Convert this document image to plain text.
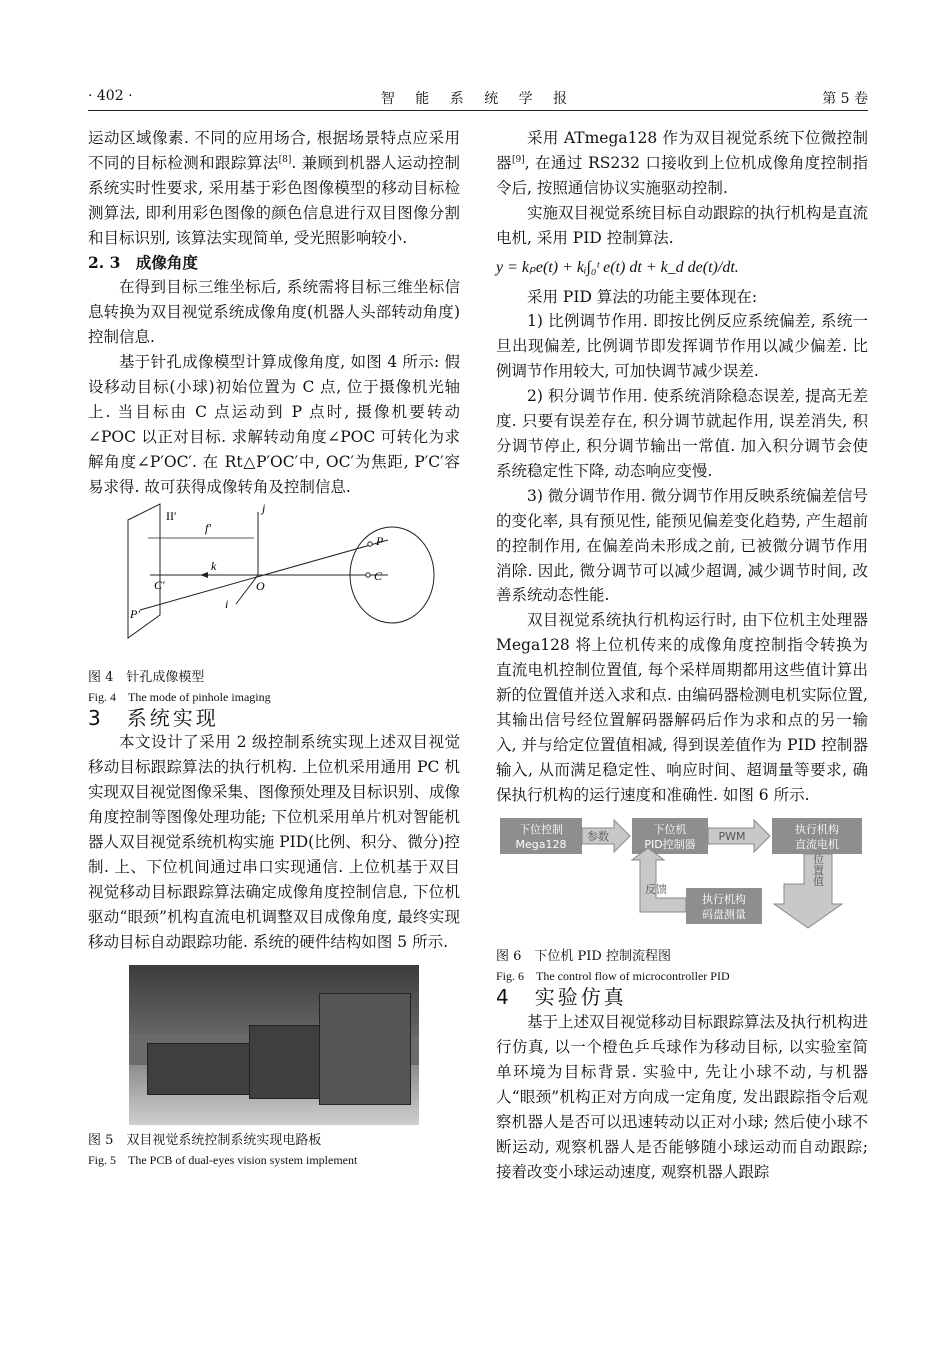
· 402 ·	智 能 系 统 学 报	第 5 卷

运动区域像素. 不同的应用场合, 根据场景特点应采用不同的目标检测和跟踪算法[8]. 兼顾到机器人运动控制系统实时性要求, 采用基于彩色图像模型的移动目标检测算法, 即利用彩色图像的颜色信息进行双目图像分割和目标识别, 该算法实现简单, 受光照影响较小.

2. 3　成像角度

在得到目标三维坐标后, 系统需将目标三维坐标信息转换为双目视觉系统成像角度(机器人头部转动角度)控制信息.

基于针孔成像模型计算成像角度, 如图 4 所示: 假设移动目标(小球)初始位置为 C 点, 位于摄像机光轴上. 当目标由 C 点运动到 P 点时, 摄像机要转动∠POC 以正对目标. 求解转动角度∠POC 可转化为求解角度∠P′OC′. 在 Rt△P′OC′中, OC′为焦距, P′C′容易求得. 故可获得成像转角及控制信息.

II′
f′
j
k
i
O
C′
P′
P
C

图 4　针孔成像模型

Fig. 4　The mode of pinhole imaging

3　系统实现

本文设计了采用 2 级控制系统实现上述双目视觉移动目标跟踪算法的执行机构. 上位机采用通用 PC 机实现双目视觉图像采集、图像预处理及目标识别、成像角度控制等图像处理功能; 下位机采用单片机对智能机器人双目视觉系统机构实施 PID(比例、积分、微分)控制. 上、下位机间通过串口实现通信. 上位机基于双目视觉移动目标跟踪算法确定成像角度控制信息, 下位机驱动“眼颈”机构直流电机调整双目成像角度, 最终实现移动目标自动跟踪功能. 系统的硬件结构如图 5 所示.

图 5　双目视觉系统控制系统实现电路板

Fig. 5　The PCB of dual-eyes vision system implement

采用 ATmega128 作为双目视觉系统下位微控制器[9], 在通过 RS232 口接收到上位机成像角度控制指令后, 按照通信协议实施驱动控制.

实施双目视觉系统目标自动跟踪的执行机构是直流电机, 采用 PID 控制算法.

y = kₚe(t) + kᵢ∫₀ᵗ e(t) dt + k_d de(t)/dt.

采用 PID 算法的功能主要体现在:

1) 比例调节作用. 即按比例反应系统偏差, 系统一旦出现偏差, 比例调节即发挥调节作用以减少偏差. 比例调节作用较大, 可加快调节减少误差.

2) 积分调节作用. 使系统消除稳态误差, 提高无差度. 只要有误差存在, 积分调节就起作用, 误差消失, 积分调节停止, 积分调节输出一常值. 加入积分调节会使系统稳定性下降, 动态响应变慢.

3) 微分调节作用. 微分调节作用反映系统偏差信号的变化率, 具有预见性, 能预见偏差变化趋势, 产生超前的控制作用, 在偏差尚未形成之前, 已被微分调节作用消除. 因此, 微分调节可以减少超调, 减少调节时间, 改善系统动态性能.

双目视觉系统执行机构运行时, 由下位机主处理器 Mega128 将上位机传来的成像角度控制指令转换为直流电机控制位置值, 每个采样周期都用这些值计算出新的位置值并送入求和点. 由编码器检测电机实际位置, 其输出信号经位置解码器解码后作为求和点的另一输入, 并与给定位置值相减, 得到误差值作为 PID 控制器输入, 从而满足稳定性、响应时间、超调量等要求, 确保执行机构的运行速度和准确性. 如图 6 所示.

下位控制
Mega128
参数
下位机
PID控制器
PWM
执行机构
直流电机
位置值
执行机构
码盘测量
反馈

图 6　下位机 PID 控制流程图

Fig. 6　The control flow of microcontroller PID

4　实验仿真

基于上述双目视觉移动目标跟踪算法及执行机构进行仿真, 以一个橙色乒乓球作为移动目标, 以实验室简单环境为目标背景. 实验中, 先让小球不动, 与机器人“眼颈”机构正对方向成一定角度, 发出跟踪指令后观察机器人是否可以迅速转动以正对小球; 然后使小球不断运动, 观察机器人是否能够随小球运动而自动跟踪; 接着改变小球运动速度, 观察机器人跟踪
